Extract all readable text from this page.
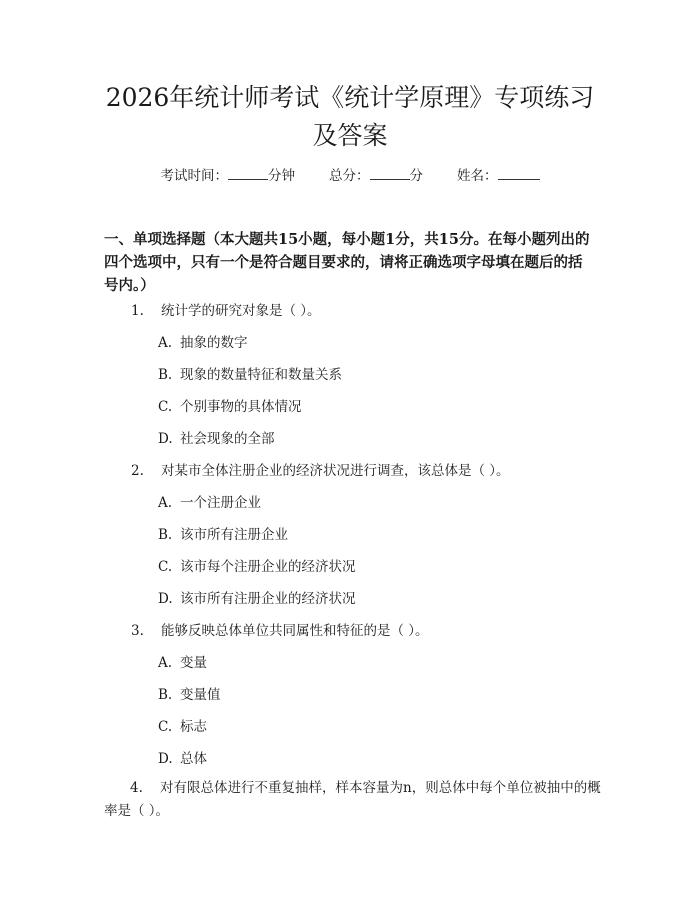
2026年统计师考试《统计学原理》专项练习
及答案
考试时间：	分钟	总分：	分	姓名：

一、单项选择题（本大题共15小题，每小题1分，共15分。在每小题列出的四个选项中，只有一个是符合题目要求的，请将正确选项字母填在题后的括号内。）

1. 统计学的研究对象是（ ）。
A. 抽象的数字
B. 现象的数量特征和数量关系
C. 个别事物的具体情况
D. 社会现象的全部
2. 对某市全体注册企业的经济状况进行调查，该总体是（ ）。
A. 一个注册企业
B. 该市所有注册企业
C. 该市每个注册企业的经济状况
D. 该市所有注册企业的经济状况
3. 能够反映总体单位共同属性和特征的是（ ）。
A. 变量
B. 变量值
C. 标志
D. 总体
4. 对有限总体进行不重复抽样，样本容量为n，则总体中每个单位被抽中的概率是（ ）。
